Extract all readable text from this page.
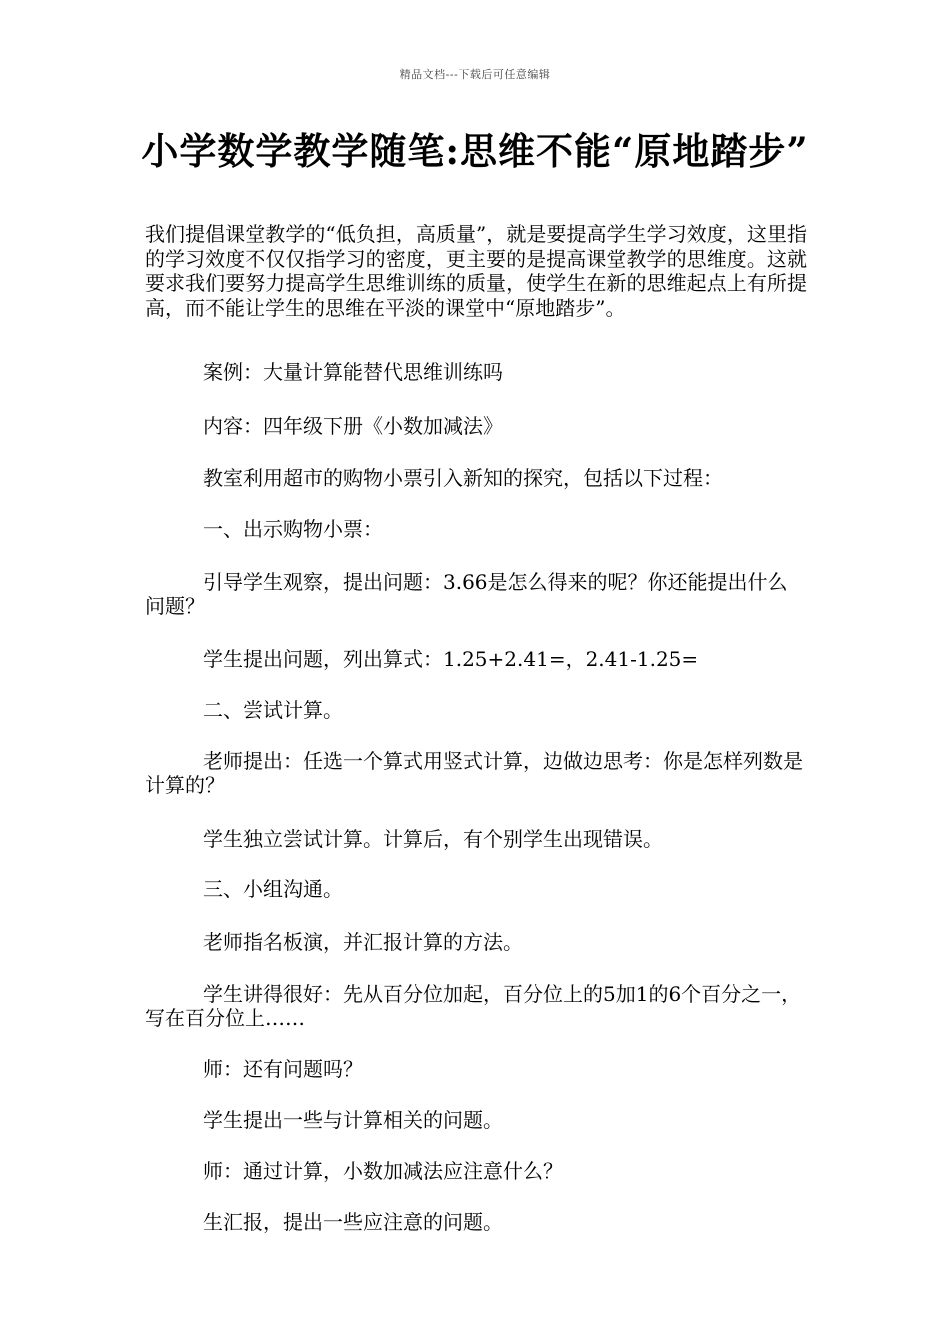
精品文档---下载后可任意编辑
小学数学教学随笔:思维不能“原地踏步”

我们提倡课堂教学的“低负担，高质量”，就是要提高学生学习效度，这里指的学习效度不仅仅指学习的密度，更主要的是提高课堂教学的思维度。这就要求我们要努力提高学生思维训练的质量，使学生在新的思维起点上有所提高，而不能让学生的思维在平淡的课堂中“原地踏步”。

案例：大量计算能替代思维训练吗

内容：四年级下册《小数加减法》

教室利用超市的购物小票引入新知的探究，包括以下过程：

一、出示购物小票：

引导学生观察，提出问题：3.66是怎么得来的呢？你还能提出什么问题？

学生提出问题，列出算式：1.25+2.41=，2.41-1.25=

二、尝试计算。

老师提出：任选一个算式用竖式计算，边做边思考：你是怎样列数是计算的？

学生独立尝试计算。计算后，有个别学生出现错误。

三、小组沟通。

老师指名板演，并汇报计算的方法。

学生讲得很好：先从百分位加起，百分位上的5加1的6个百分之一，写在百分位上……

师：还有问题吗？

学生提出一些与计算相关的问题。

师：通过计算，小数加减法应注意什么？

生汇报，提出一些应注意的问题。
